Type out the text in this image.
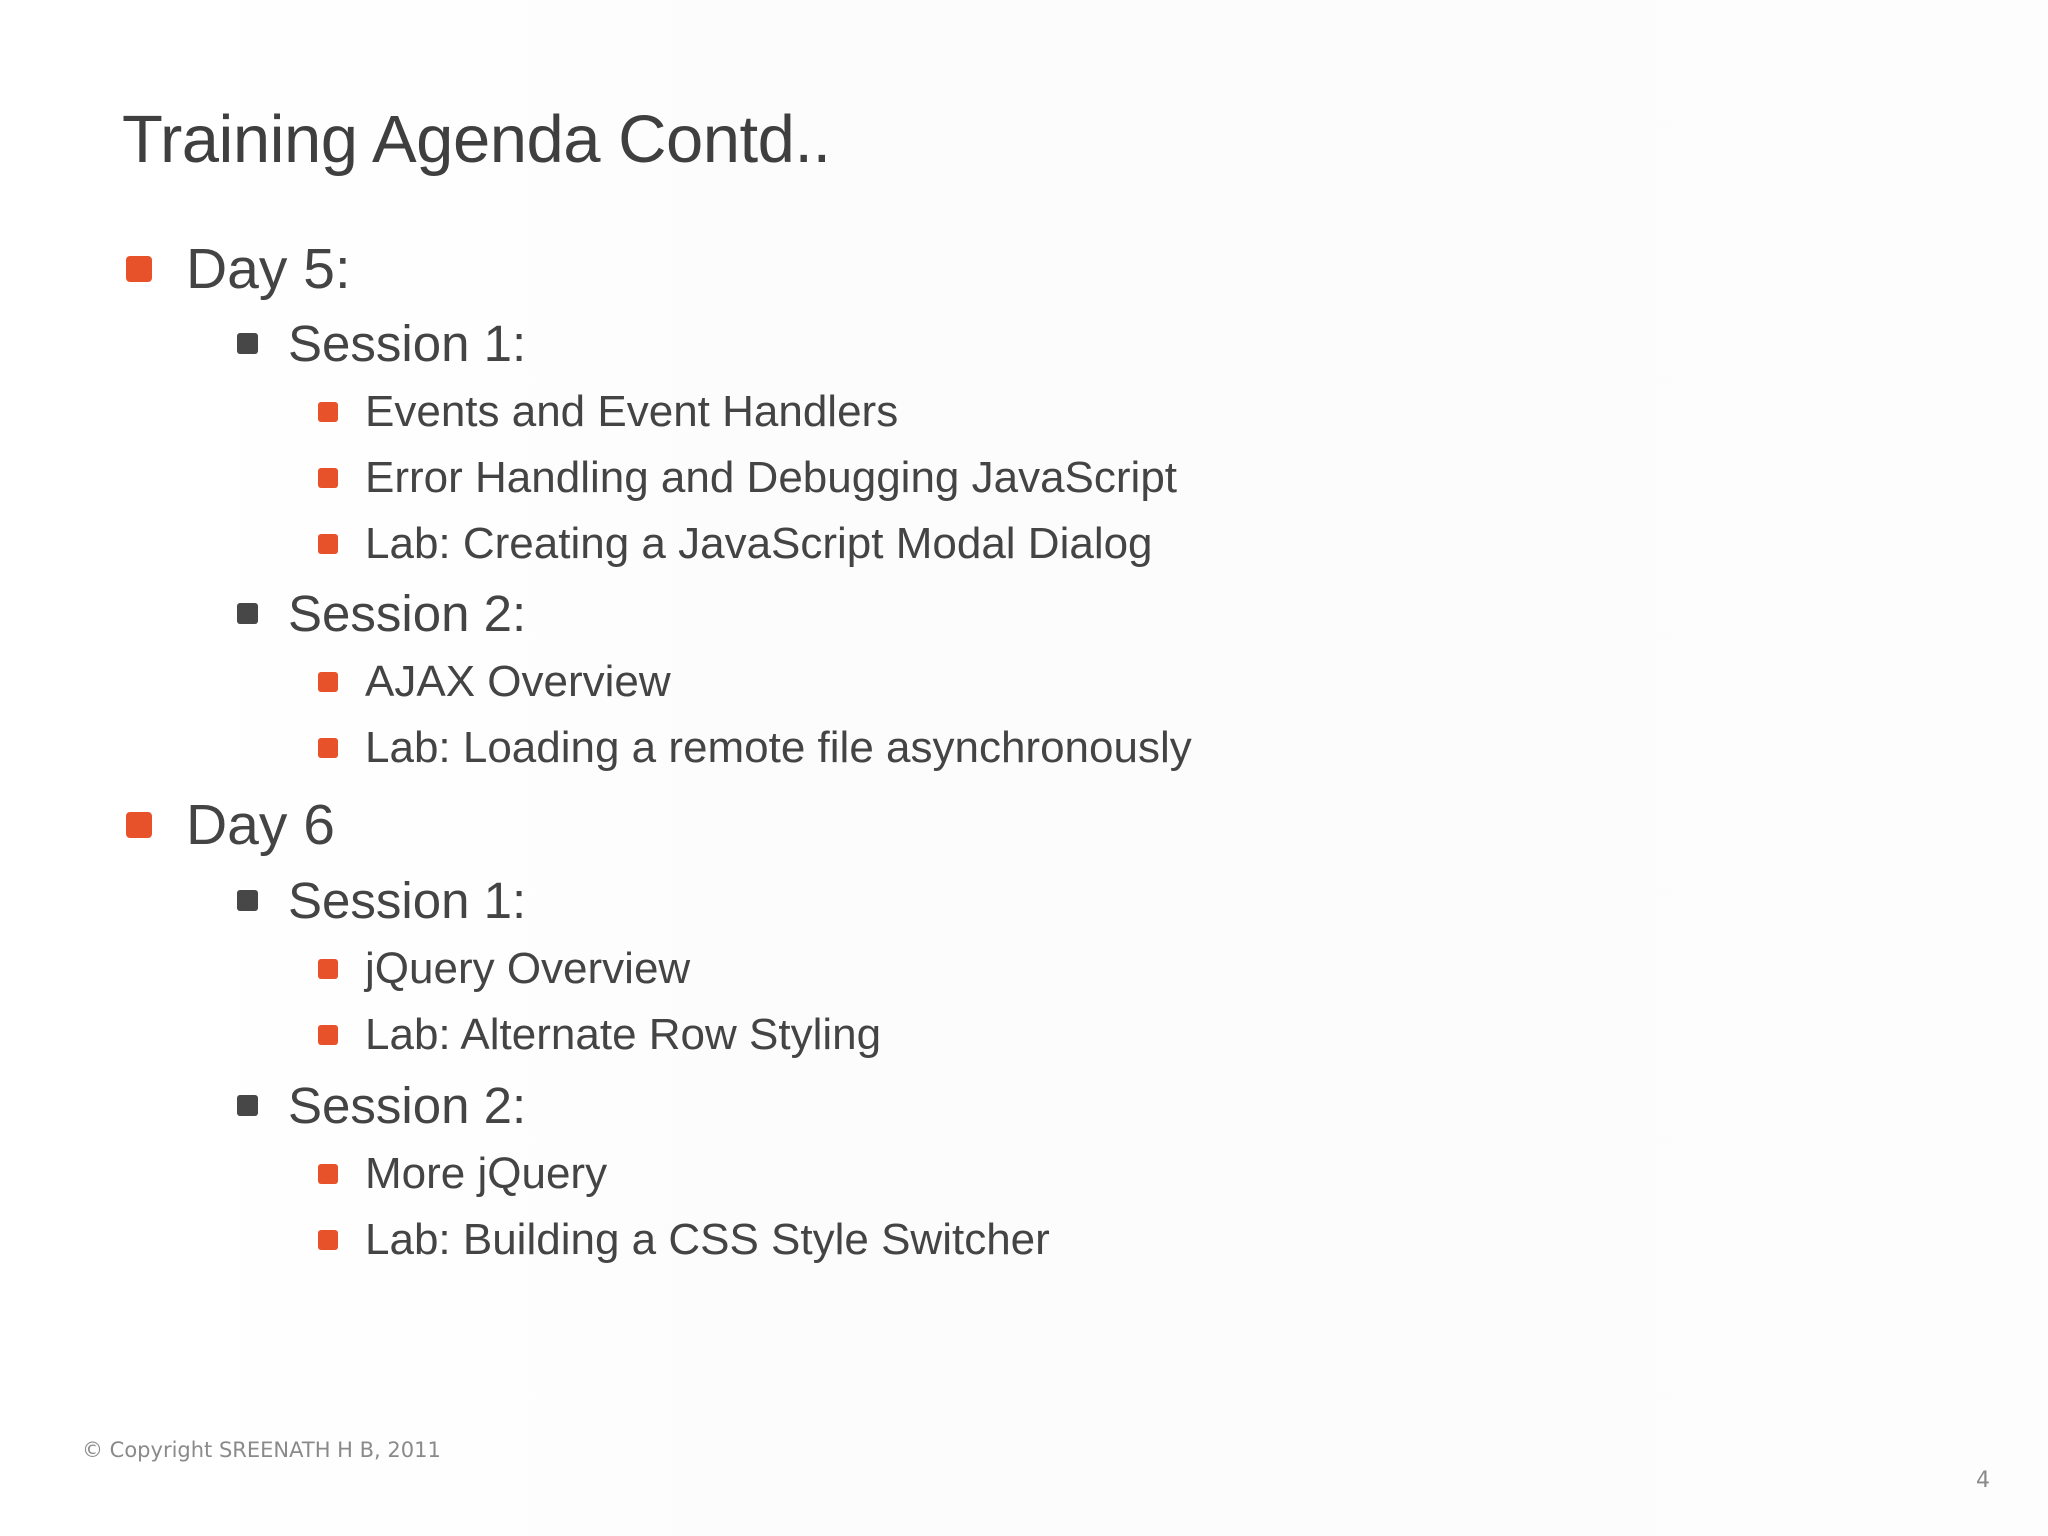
Training Agenda Contd..
Day 5:
Session 1:
Events and Event Handlers
Error Handling and Debugging JavaScript
Lab: Creating a JavaScript Modal Dialog
Session 2:
AJAX Overview
Lab: Loading a remote file asynchronously
Day 6
Session 1:
jQuery Overview
Lab: Alternate Row Styling
Session 2:
More jQuery
Lab: Building a CSS Style Switcher
© Copyright SREENATH H B, 2011
4
